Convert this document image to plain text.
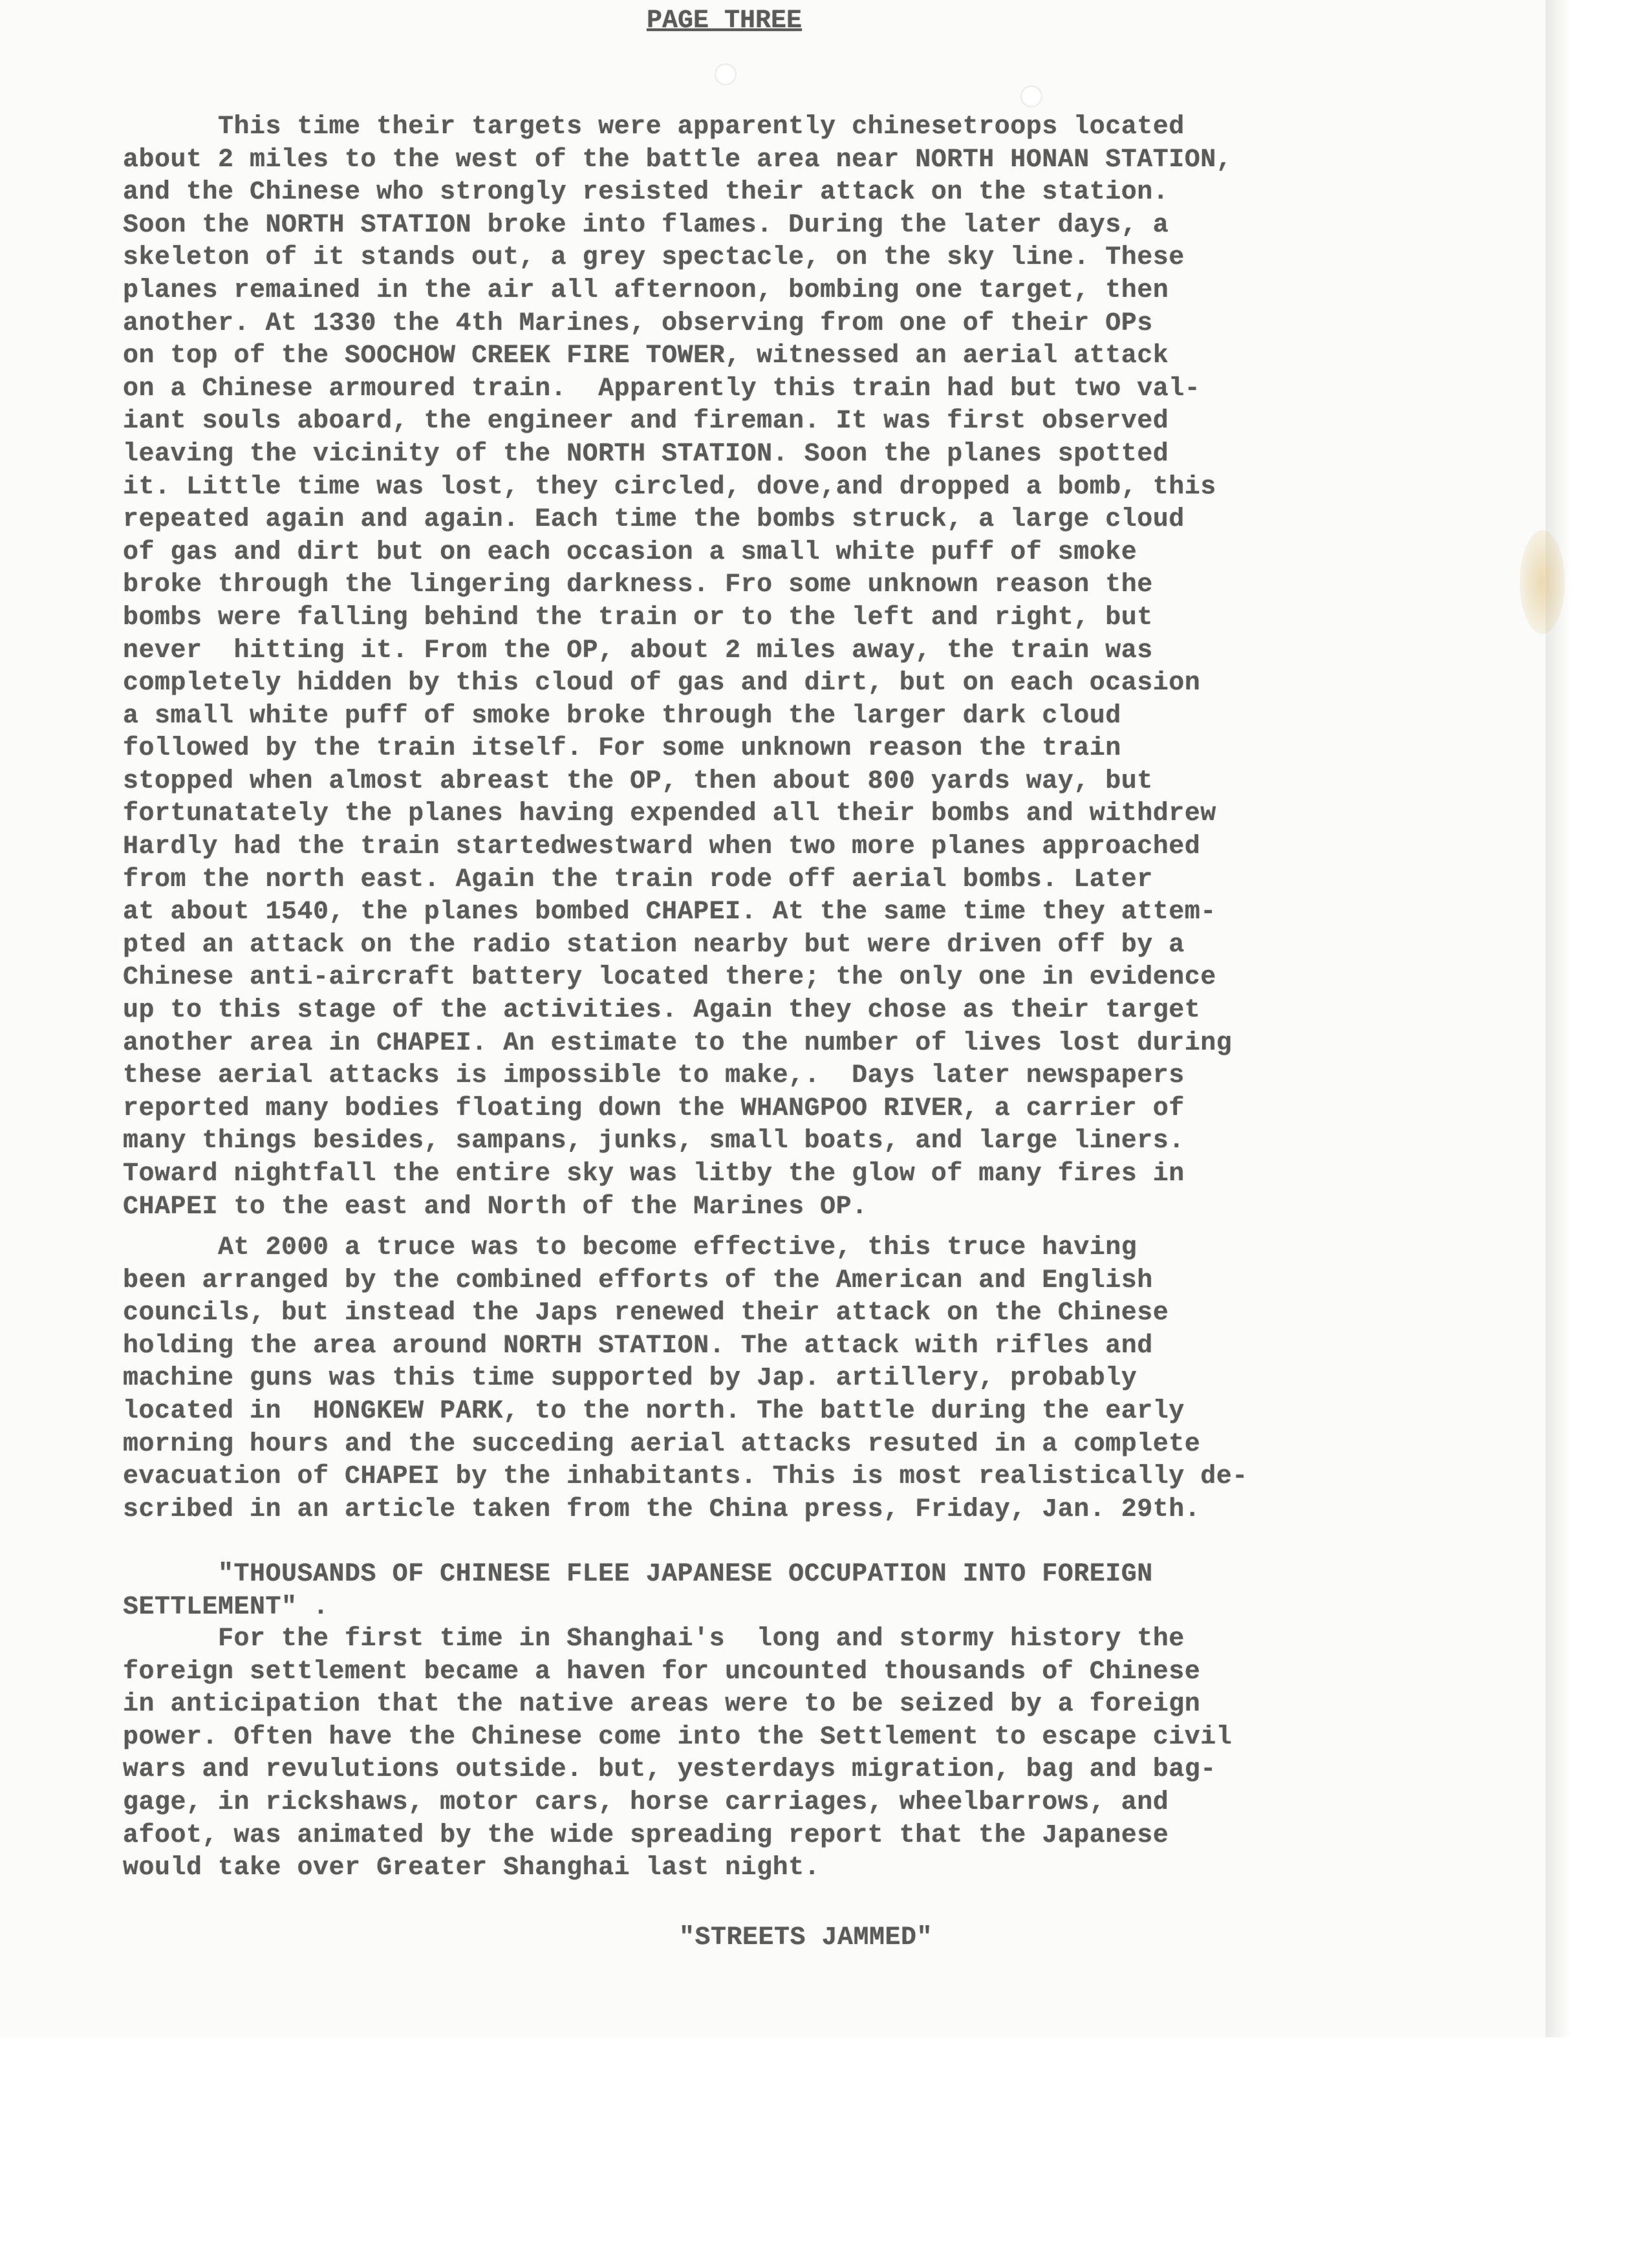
PAGE THREE

This time their targets were apparently chinesetroops located
about 2 miles to the west of the battle area near NORTH HONAN STATION,
and the Chinese who strongly resisted their attack on the station.
Soon the NORTH STATION broke into flames. During the later days, a
skeleton of it stands out, a grey spectacle, on the sky line. These
planes remained in the air all afternoon, bombing one target, then
another. At 1330 the 4th Marines, observing from one of their OPs
on top of the SOOCHOW CREEK FIRE TOWER, witnessed an aerial attack
on a Chinese armoured train.  Apparently this train had but two val-
iant souls aboard, the engineer and fireman. It was first observed
leaving the vicinity of the NORTH STATION. Soon the planes spotted
it. Little time was lost, they circled, dove,and dropped a bomb, this
repeated again and again. Each time the bombs struck, a large cloud
of gas and dirt but on each occasion a small white puff of smoke
broke through the lingering darkness. Fro some unknown reason the
bombs were falling behind the train or to the left and right, but
never  hitting it. From the OP, about 2 miles away, the train was
completely hidden by this cloud of gas and dirt, but on each ocasion
a small white puff of smoke broke through the larger dark cloud
followed by the train itself. For some unknown reason the train
stopped when almost abreast the OP, then about 800 yards way, but
fortunatately the planes having expended all their bombs and withdrew
Hardly had the train startedwestward when two more planes approached
from the north east. Again the train rode off aerial bombs. Later
at about 1540, the planes bombed CHAPEI. At the same time they attem-
pted an attack on the radio station nearby but were driven off by a
Chinese anti-aircraft battery located there; the only one in evidence
up to this stage of the activities. Again they chose as their target
another area in CHAPEI. An estimate to the number of lives lost during
these aerial attacks is impossible to make,.  Days later newspapers
reported many bodies floating down the WHANGPOO RIVER, a carrier of
many things besides, sampans, junks, small boats, and large liners.
Toward nightfall the entire sky was litby the glow of many fires in
CHAPEI to the east and North of the Marines OP.

At 2000 a truce was to become effective, this truce having
been arranged by the combined efforts of the American and English
councils, but instead the Japs renewed their attack on the Chinese
holding the area around NORTH STATION. The attack with rifles and
machine guns was this time supported by Jap. artillery, probably
located in  HONGKEW PARK, to the north. The battle during the early
morning hours and the succeding aerial attacks resuted in a complete
evacuation of CHAPEI by the inhabitants. This is most realistically de-
scribed in an article taken from the China press, Friday, Jan. 29th.

"THOUSANDS OF CHINESE FLEE JAPANESE OCCUPATION INTO FOREIGN
SETTLEMENT" .

For the first time in Shanghai's  long and stormy history the
foreign settlement became a haven for uncounted thousands of Chinese
in anticipation that the native areas were to be seized by a foreign
power. Often have the Chinese come into the Settlement to escape civil
wars and revulutions outside. but, yesterdays migration, bag and bag-
gage, in rickshaws, motor cars, horse carriages, wheelbarrows, and
afoot, was animated by the wide spreading report that the Japanese
would take over Greater Shanghai last night.

"STREETS JAMMED"
